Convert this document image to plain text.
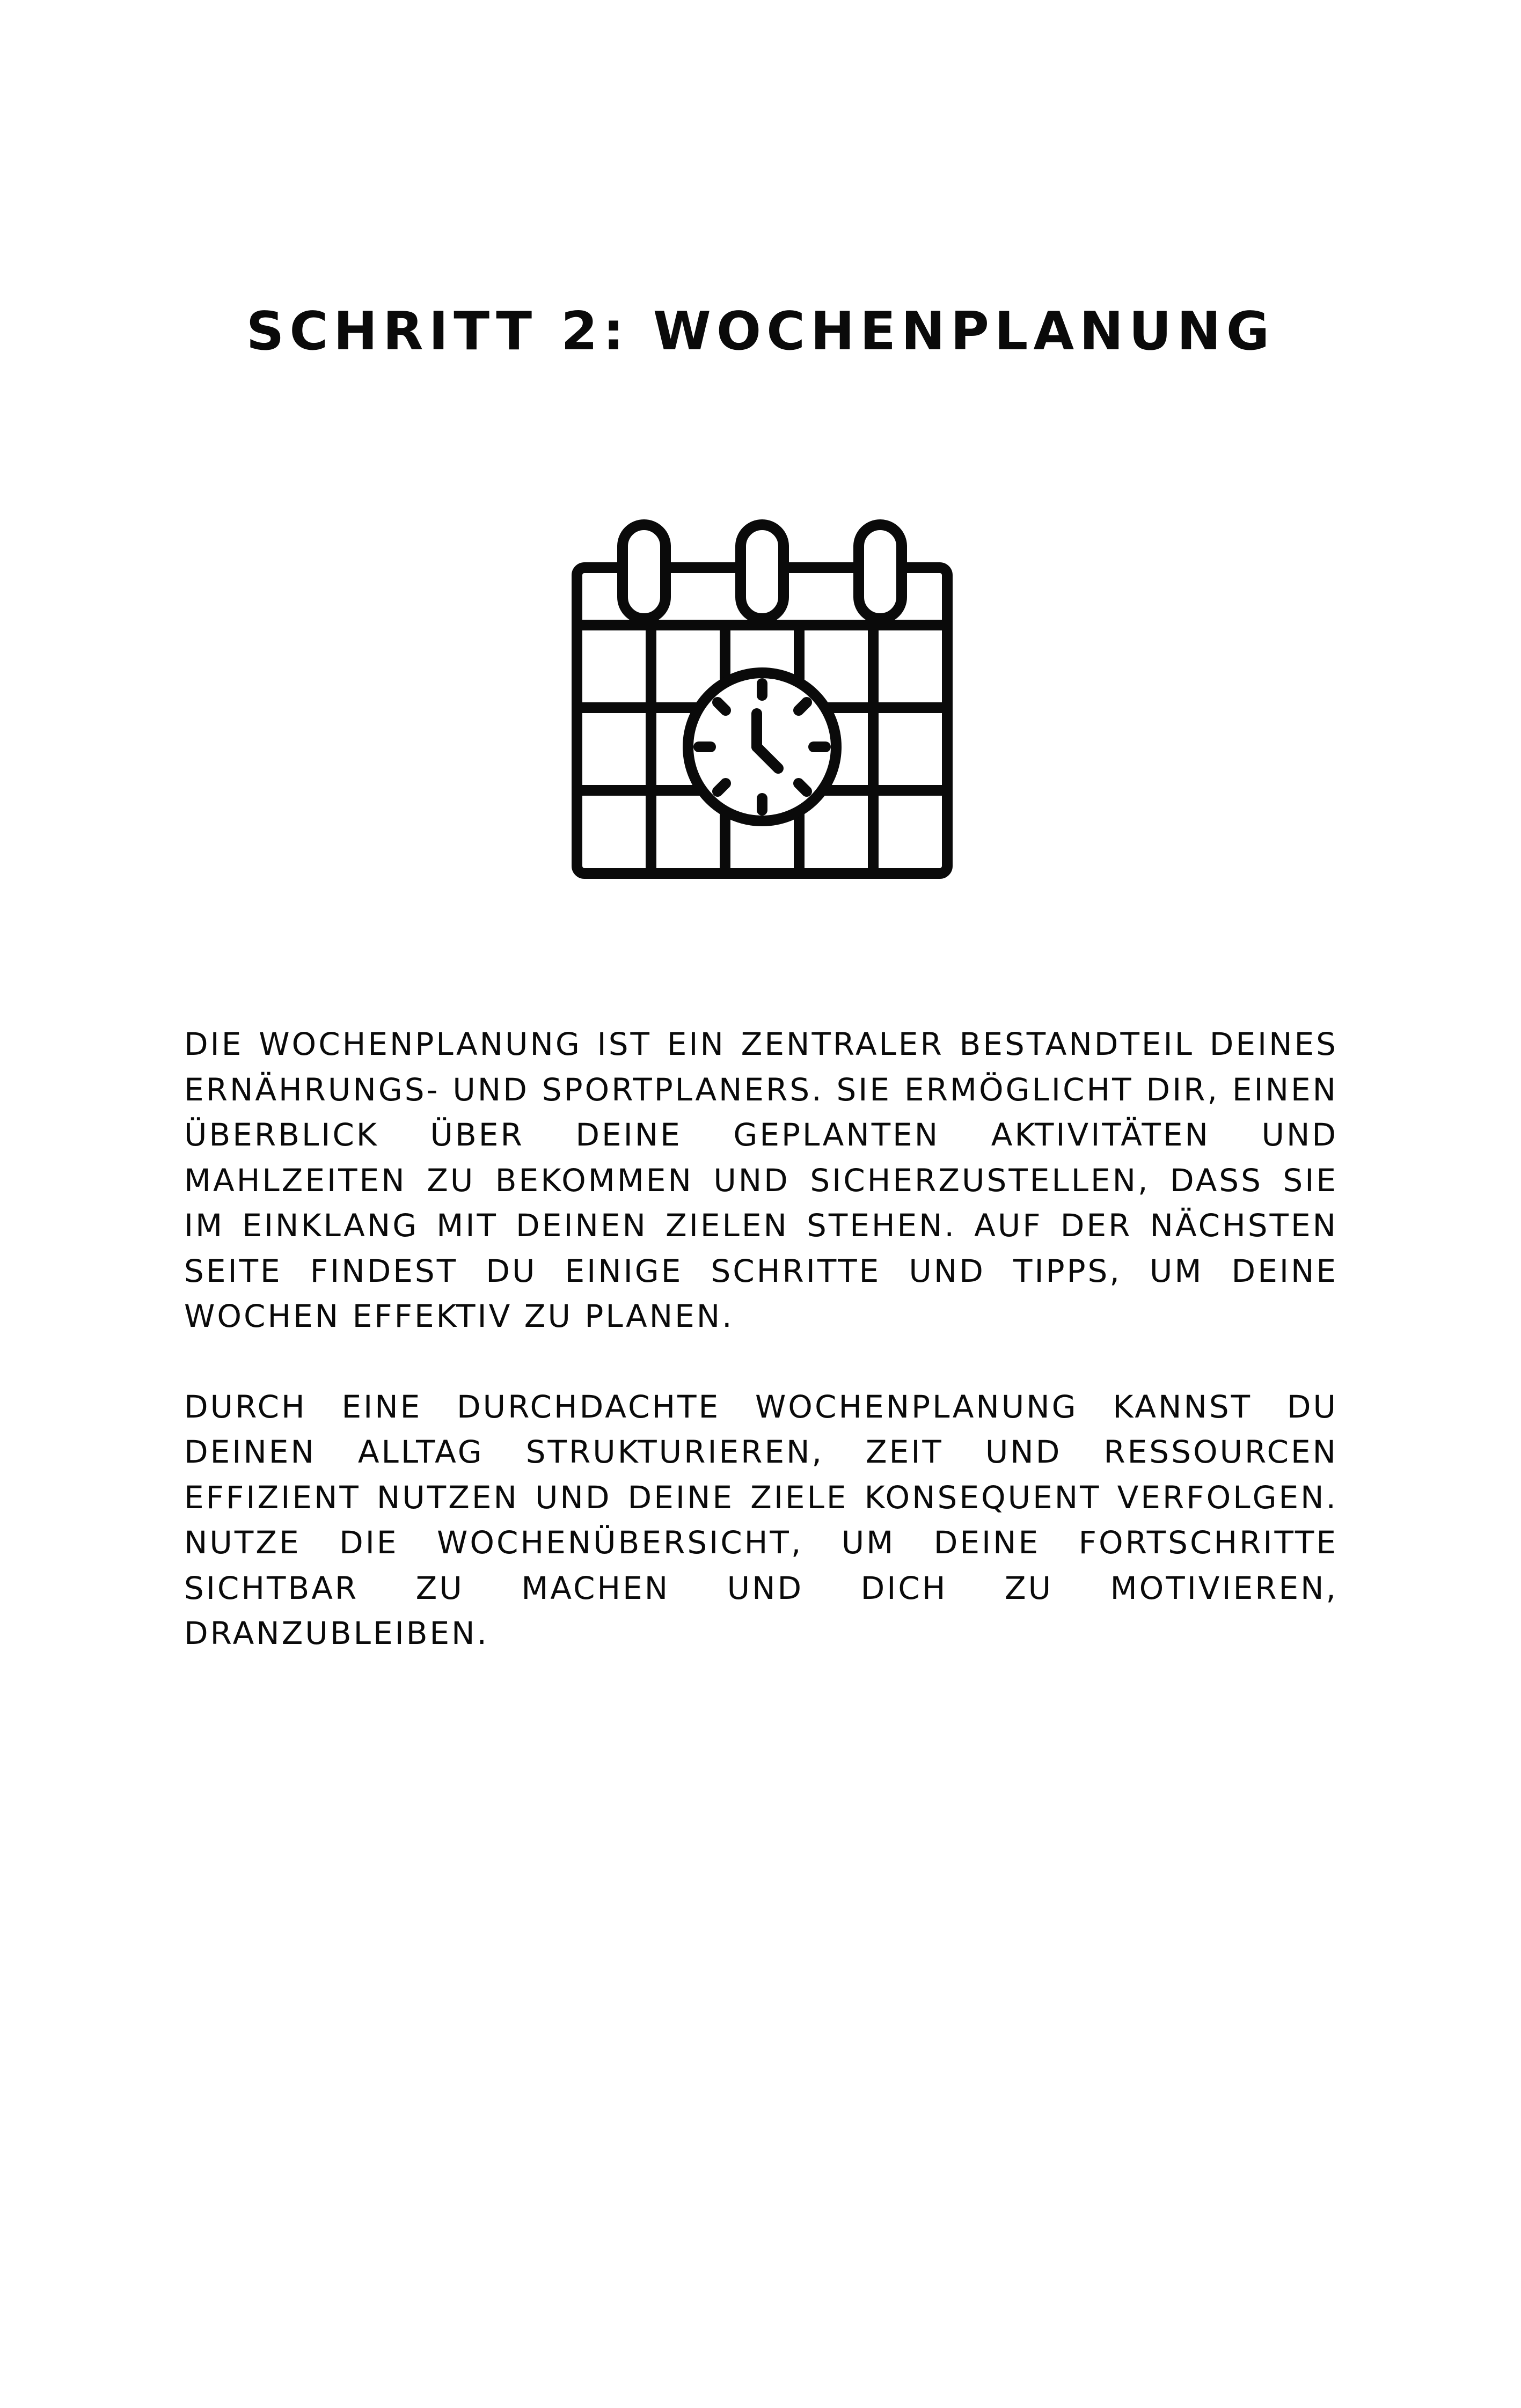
SCHRITT 2: WOCHENPLANUNG

DIE WOCHENPLANUNG IST EIN ZENTRALER BESTANDTEIL DEINES ERNÄHRUNGS- UND SPORTPLANERS. SIE ERMÖGLICHT DIR, EINEN ÜBERBLICK ÜBER DEINE GEPLANTEN AKTIVITÄTEN UND MAHLZEITEN ZU BEKOMMEN UND SICHERZUSTELLEN, DASS SIE IM EINKLANG MIT DEINEN ZIELEN STEHEN. AUF DER NÄCHSTEN SEITE FINDEST DU EINIGE SCHRITTE UND TIPPS, UM DEINE WOCHEN EFFEKTIV ZU PLANEN.

DURCH EINE DURCHDACHTE WOCHENPLANUNG KANNST DU DEINEN ALLTAG STRUKTURIEREN, ZEIT UND RESSOURCEN EFFIZIENT NUTZEN UND DEINE ZIELE KONSEQUENT VERFOLGEN. NUTZE DIE WOCHENÜBERSICHT, UM DEINE FORTSCHRITTE SICHTBAR ZU MACHEN UND DICH ZU MOTIVIEREN, DRANZUBLEIBEN.
